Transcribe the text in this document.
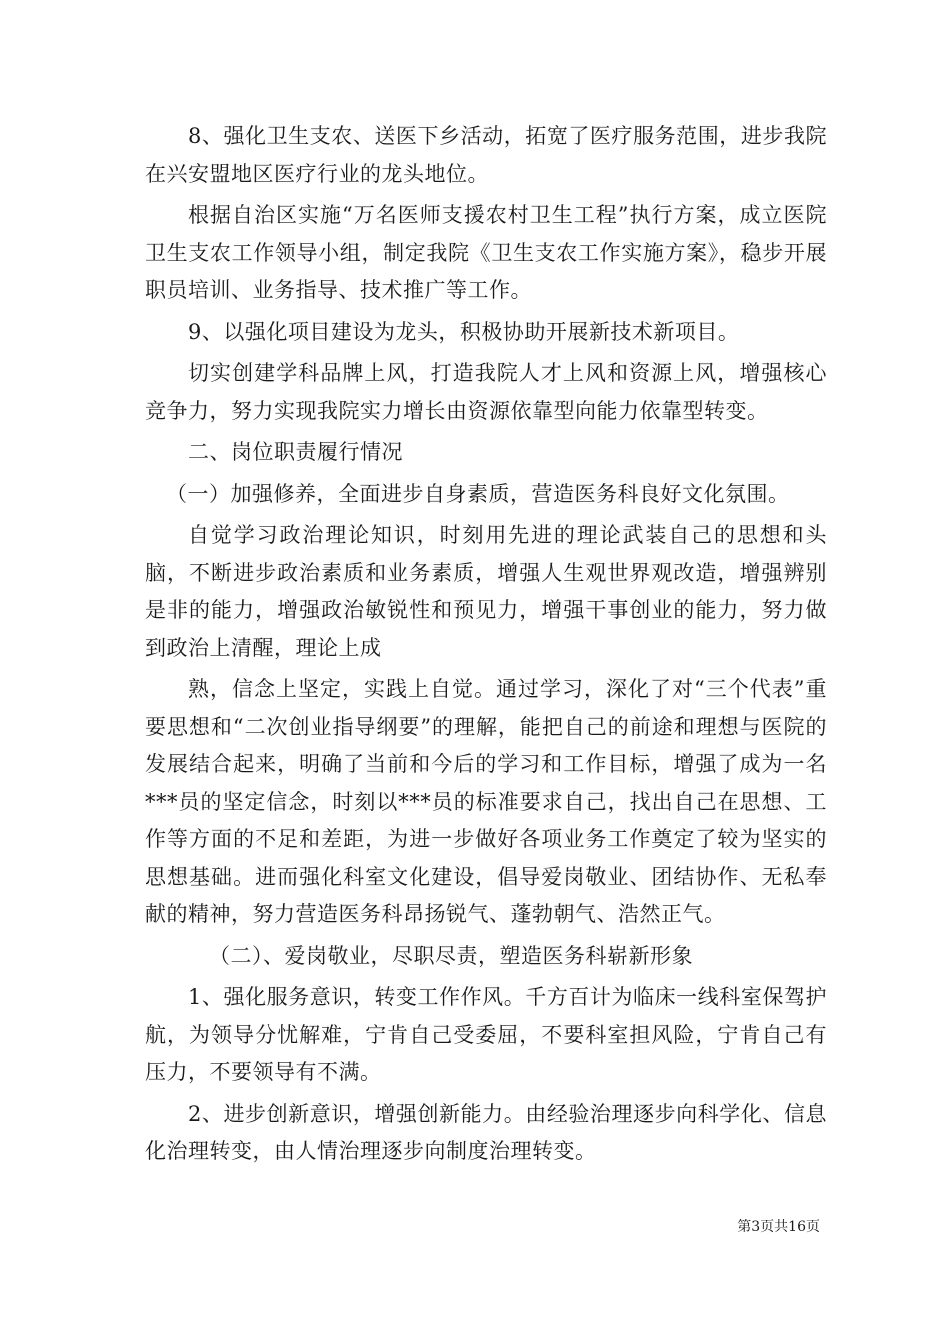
8、强化卫生支农、送医下乡活动，拓宽了医疗服务范围，进步我院在兴安盟地区医疗行业的龙头地位。

根据自治区实施“万名医师支援农村卫生工程”执行方案，成立医院卫生支农工作领导小组，制定我院《卫生支农工作实施方案》，稳步开展职员培训、业务指导、技术推广等工作。

9、以强化项目建设为龙头，积极协助开展新技术新项目。

切实创建学科品牌上风，打造我院人才上风和资源上风，增强核心竞争力，努力实现我院实力增长由资源依靠型向能力依靠型转变。

二、岗位职责履行情况

（一）加强修养，全面进步自身素质，营造医务科良好文化氛围。

自觉学习政治理论知识，时刻用先进的理论武装自己的思想和头脑，不断进步政治素质和业务素质，增强人生观世界观改造，增强辨别是非的能力，增强政治敏锐性和预见力，增强干事创业的能力，努力做到政治上清醒，理论上成

熟，信念上坚定，实践上自觉。通过学习，深化了对“三个代表”重要思想和“二次创业指导纲要”的理解，能把自己的前途和理想与医院的发展结合起来，明确了当前和今后的学习和工作目标，增强了成为一名***员的坚定信念，时刻以***员的标准要求自己，找出自己在思想、工作等方面的不足和差距，为进一步做好各项业务工作奠定了较为坚实的思想基础。进而强化科室文化建设，倡导爱岗敬业、团结协作、无私奉献的精神，努力营造医务科昂扬锐气、蓬勃朝气、浩然正气。

（二）、爱岗敬业，尽职尽责，塑造医务科崭新形象

1、强化服务意识，转变工作作风。千方百计为临床一线科室保驾护航，为领导分忧解难，宁肯自己受委屈，不要科室担风险，宁肯自己有压力，不要领导有不满。

2、进步创新意识，增强创新能力。由经验治理逐步向科学化、信息化治理转变，由人情治理逐步向制度治理转变。

第3页共16页
